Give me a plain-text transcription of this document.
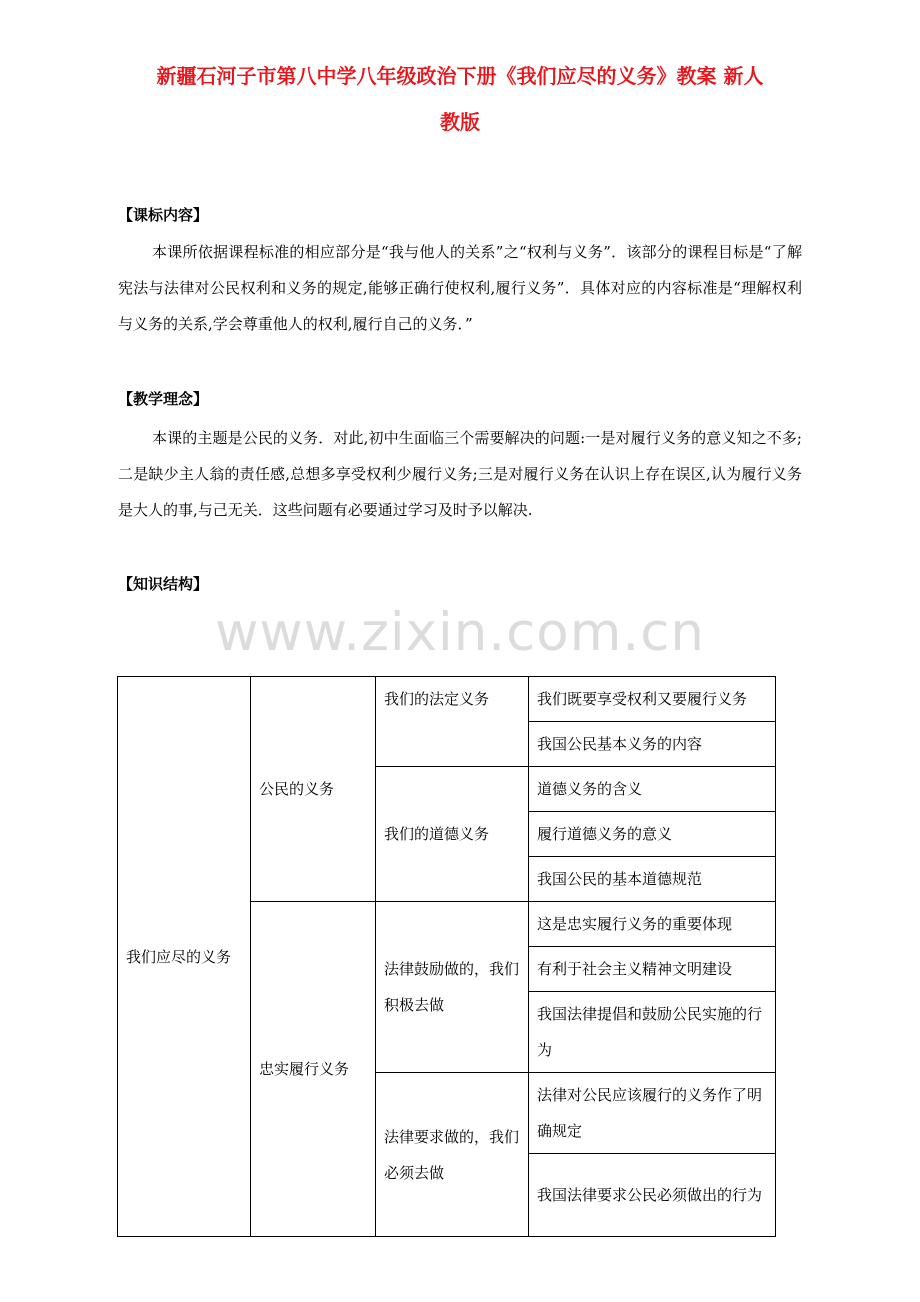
新疆石河子市第八中学八年级政治下册《我们应尽的义务》教案 新人
教版
【课标内容】
本课所依据课程标准的相应部分是“我与他人的关系”之“权利与义务”．该部分的课程目标是“了解宪法与法律对公民权利和义务的规定,能够正确行使权利,履行义务”．具体对应的内容标准是“理解权利与义务的关系,学会尊重他人的权利,履行自己的义务．”
【教学理念】
本课的主题是公民的义务．对此,初中生面临三个需要解决的问题:一是对履行义务的意义知之不多;二是缺少主人翁的责任感,总想多享受权利少履行义务;三是对履行义务在认识上存在误区,认为履行义务是大人的事,与己无关．这些问题有必要通过学习及时予以解决.
【知识结构】
www.zixin.com.cn
我们应尽的义务	公民的义务	我们的法定义务	我们既要享受权利又要履行义务
			我国公民基本义务的内容
		我们的道德义务	道德义务的含义
			履行道德义务的意义
			我国公民的基本道德规范
	忠实履行义务	法律鼓励做的，我们积极去做	这是忠实履行义务的重要体现
			有利于社会主义精神文明建设
			我国法律提倡和鼓励公民实施的行为
		法律要求做的，我们必须去做	法律对公民应该履行的义务作了明确规定
			我国法律要求公民必须做出的行为
